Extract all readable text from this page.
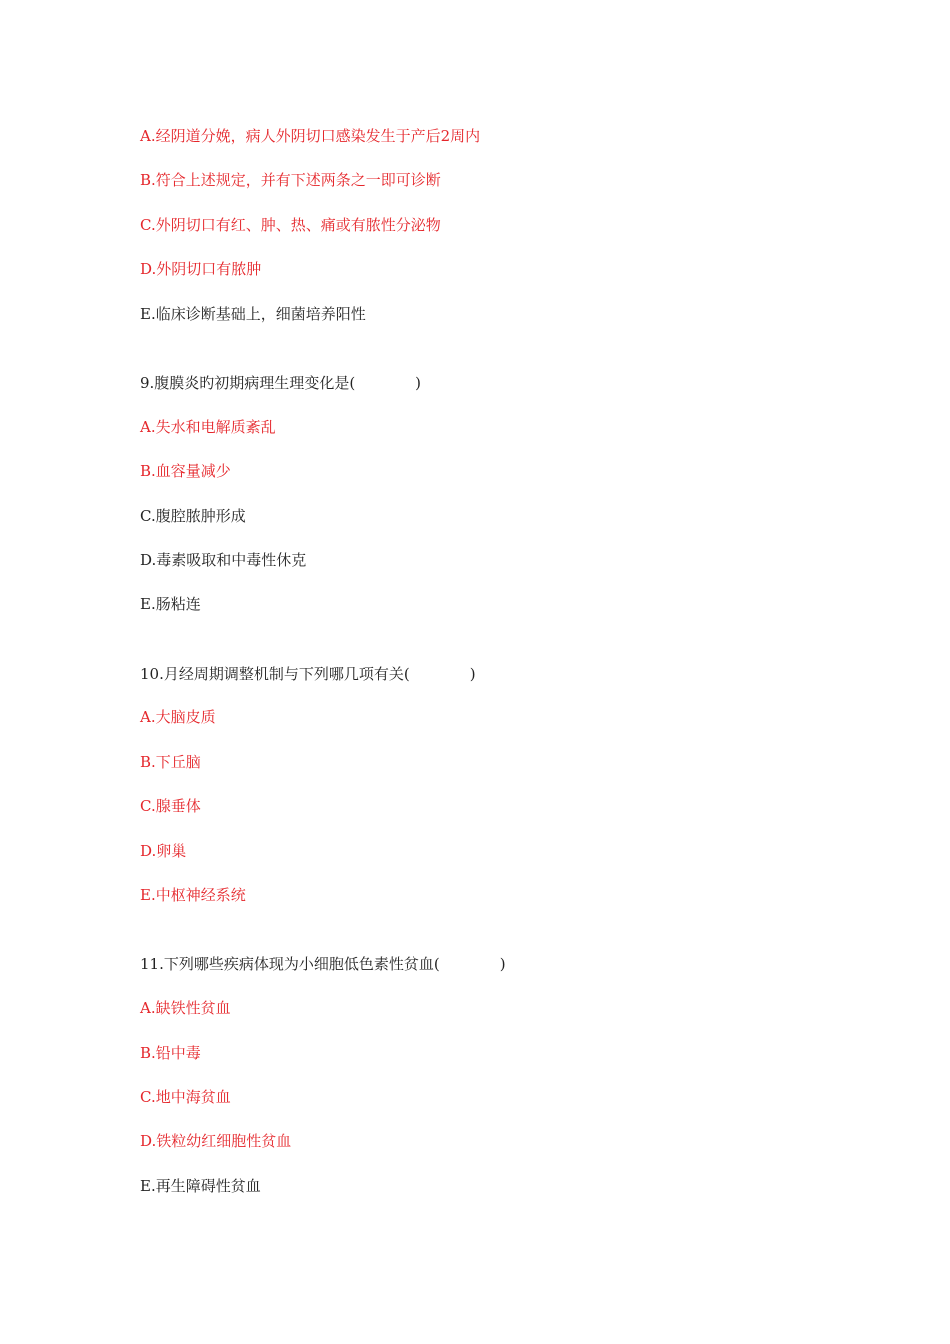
A.经阴道分娩，病人外阴切口感染发生于产后2周内
B.符合上述规定，并有下述两条之一即可诊断
C.外阴切口有红、肿、热、痛或有脓性分泌物
D.外阴切口有脓肿
E.临床诊断基础上，细菌培养阳性
9.腹膜炎旳初期病理生理变化是(　　　　)
A.失水和电解质紊乱
B.血容量减少
C.腹腔脓肿形成
D.毒素吸取和中毒性休克
E.肠粘连
10.月经周期调整机制与下列哪几项有关(　　　　)
A.大脑皮质
B.下丘脑
C.腺垂体
D.卵巢
E.中枢神经系统
11.下列哪些疾病体现为小细胞低色素性贫血(　　　　)
A.缺铁性贫血
B.铅中毒
C.地中海贫血
D.铁粒幼红细胞性贫血
E.再生障碍性贫血
